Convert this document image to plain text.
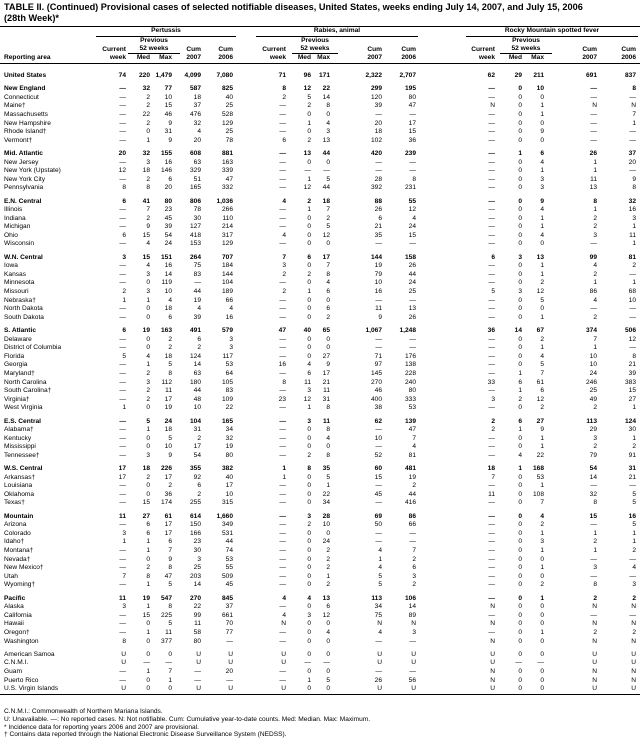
TABLE II. (Continued) Provisional cases of selected notifiable diseases, United States, weeks ending July 14, 2007, and July 15, 2006
(28th Week)*
Pertussis
Previous
52 weeks
Current
week	Med	Max
Cum
2007
Cum
2006
Rabies, animal
Previous
52 weeks
Current
week	Med Max
Cum
2007
Cum
2006
Rocky Mountain spotted fever
Previous
52 weeks
Current
week	Med	Max
Cum
2007
Cum
2006
Reporting area
United States	74 220 1,479 4,099 7,080	71	96 171	2,322	2,707	62	29 211	691	837
New England	—	32 77	587	825	8	12 22	299	195	—	0 10	—	8
Connecticut	—	2 10	18	40	2	5 14	120	80	—	0	0	—	—
Maine†	—	2 15	37	25	—	2 8	39	47	N	0	1	N	N
Massachusetts	—	22 46	476	528	—	0 0	—	—	—	0	1	—	7
New Hampshire	—	2	9	32	129	—	1 4	20	17	—	0	0	—	1
Rhode Island†	—	0 31	4	25	—	0 3	18	15	—	0	9	—	—
Vermont†	—	1	9	20	78	6	2 13	102	36	—	0	0	—	—
Mid. Atlantic	20	32 155	608	881	—	13 44	420	239	—	1	6	26	37
New Jersey	—	3 16	63	163	—	0 0	—	—	—	0	4	1	20
New York (Upstate)	12	18 146	329	339	—	— —	—	—	—	0	1	1	—
New York City	—	2	6	51	47	—	1 5	28	8	—	0	3	11	9
Pennsylvania	8	8 20	165	332	—	12 44	392	231	—	0	3	13	8
E.N. Central	6	41 80	806 1,036	4	2 18	88	55	—	0	9	8	32
Illinois	—	7 23	78	266	—	1 7	26	12	—	0	4	1	16
Indiana	—	2 45	30	110	—	0 2	6	4	—	0	1	2	3
Michigan	—	9 39	127	214	—	0 5	21	24	—	0	1	2	1
Ohio	6	15 54	418	317	4	0 12	35	15	—	0	4	3	11
Wisconsin	—	4 24	153	129	—	0 0	—	—	—	0	0	—	1
W.N. Central	3	15 151	264	707	7	6 17	144	158	6	3 13	99	81
Iowa	—	4 16	75	184	3	0 7	19	26	—	0	1	4	2
Kansas	—	3 14	83	144	2	2 8	79	44	—	0	1	2	—
Minnesota	—	0 119	—	104	—	0 4	10	24	—	0	2	1	1
Missouri	2	3 10	44	189	2	1 6	16	25	5	3 12	86	68
Nebraska†	1	1	4	19	66	—	0 0	—	—	—	0	5	4	10
North Dakota	—	0 18	4	4	—	0 6	11	13	—	0	0	—	—
South Dakota	—	0	6	39	16	—	0 2	9	26	—	0	1	2	—
S. Atlantic	6	19 163	491	579	47	40 65	1,067	1,248	36	14 67	374	506
Delaware	—	0	2	6	3	—	0 0	—	—	—	0	2	7	12
District of Columbia	—	0	2	2	3	—	0 0	—	—	—	0	1	1	—
Florida	5	4 18	124	117	—	0 27	71	176	—	0	4	10	8
Georgia	—	1	5	14	53	16	4 9	97	138	—	0	5	10	21
Maryland†	—	2	8	63	64	—	6 17	145	228	—	1	7	24	39
North Carolina	—	3 112	180	105	8	11 21	270	240	33	6 61	246	383
South Carolina†	—	2 11	44	83	—	3 11	46	80	—	1	6	25	15
Virginia†	—	2 17	48	109	23	12 31	400	333	3	2 12	49	27
West Virginia	1	0 19	10	22	—	1 8	38	53	—	0	2	2	1
E.S. Central	—	5 24	104	165	—	3 11	62	139	2	6 27	113	124
Alabama†	—	1 18	31	34	—	0 8	—	47	2	1	9	29	30
Kentucky	—	0	5	2	32	—	0 4	10	7	—	0	1	3	1
Mississippi	—	0 10	17	19	—	0 0	—	4	—	0	1	2	2
Tennessee†	—	3	9	54	80	—	2 8	52	81	—	4 22	79	91
W.S. Central	17	18 226	355	382	1	8 35	60	481	18	1 168	54	31
Arkansas†	17	2 17	92	40	1	0 5	15	19	7	0 53	14	21
Louisiana	—	0	2	6	17	—	0 1	—	2	—	0	1	—	—
Oklahoma	—	0 36	2	10	—	0 22	45	44	11	0 108	32	5
Texas†	—	15 174	255	315	—	0 34	—	416	—	0	7	8	5
Mountain	11	27 61	614 1,660	—	3 28	69	86	—	0	4	15	16
Arizona	—	6 17	150	349	—	2 10	50	66	—	0	2	—	5
Colorado	3	6 17	166	531	—	0 0	—	—	—	0	1	1	1
Idaho†	1	1	6	23	44	—	0 24	—	—	—	0	3	2	1
Montana†	—	1	7	30	74	—	0 2	4	7	—	0	1	1	2
Nevada†	—	0	9	3	53	—	0 2	1	2	—	0	0	—	—
New Mexico†	—	2	8	25	55	—	0 2	4	6	—	0	1	3	4
Utah	7	8 47	203	509	—	0 1	5	3	—	0	0	—	—
Wyoming†	—	1	5	14	45	—	0 2	5	2	—	0	2	8	3
Pacific	11	19 547	270	845	4	4 13	113	106	—	0	1	2	2
Alaska	3	1	8	22	37	—	0 6	34	14	N	0	0	N	N
California	—	15 225	99	661	4	3 12	75	89	—	0	0	—	—
Hawaii	—	0	5	11	70	N	0 0	N	N	N	0	0	N	N
Oregon†	—	1 11	58	77	—	0 4	4	3	—	0	1	2	2
Washington	8	0 377	80	—	—	0 0	—	—	N	0	0	N	N
American Samoa	U	0	0	U	U	U	0 0	U	U	U	0	0	U	U
C.N.M.I.	U	— —	U	U	U	— —	U	U	U	— —	U	U
Guam	—	1	7	—	20	—	0 0	—	—	N	0	0	N	N
Puerto Rico	—	0	1	—	—	—	1 5	26	56	N	0	0	N	N
U.S. Virgin Islands	U	0	0	U	U	U	0 0	U	U	U	0	0	U	U
C.N.M.I.: Commonwealth of Northern Mariana Islands.
U: Unavailable. —: No reported cases. N: Not notifiable. Cum: Cumulative year-to-date counts. Med: Median. Max: Maximum.
* Incidence data for reporting years 2006 and 2007 are provisional.
† Contains data reported through the National Electronic Disease Surveillance System (NEDSS).
